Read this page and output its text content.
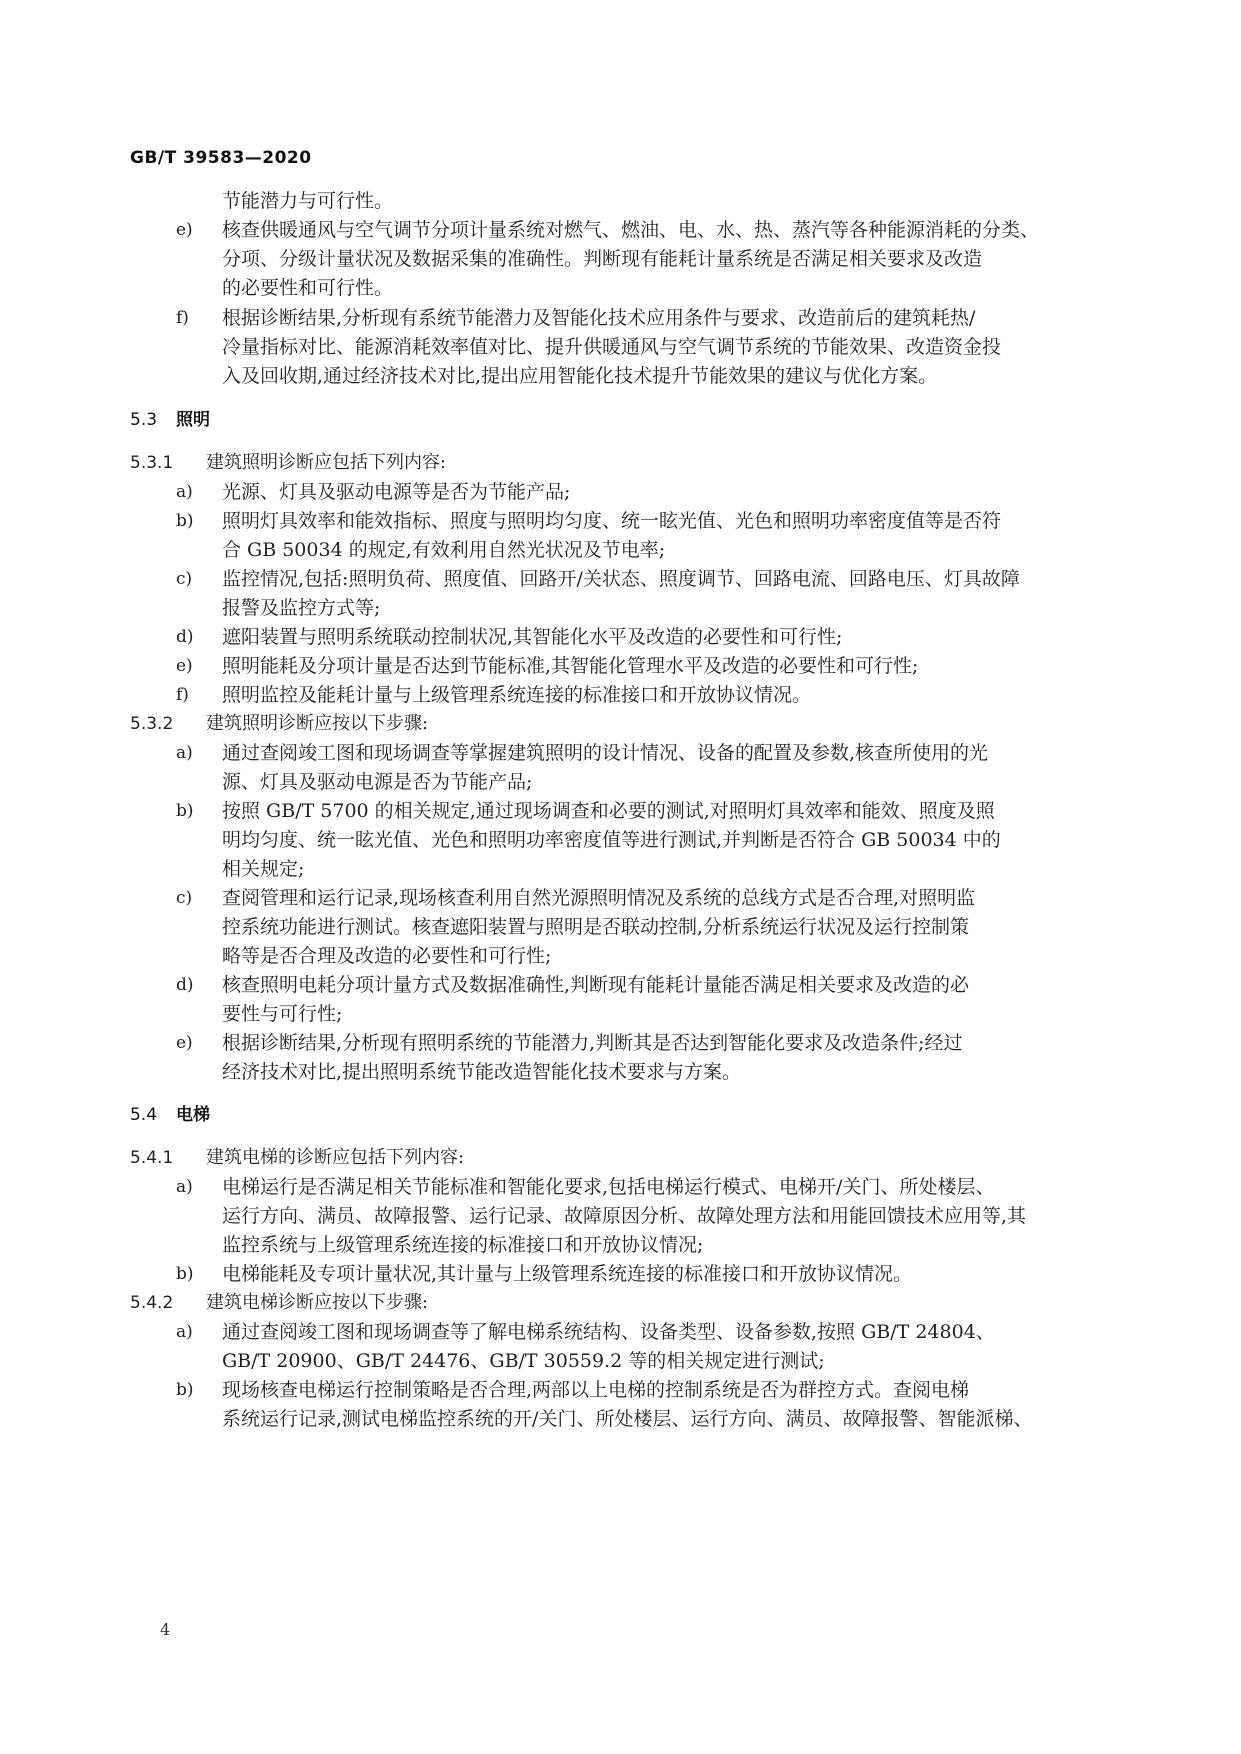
GB/T 39583—2020
节能潜力与可行性。
e) 核查供暖通风与空气调节分项计量系统对燃气、燃油、电、水、热、蒸汽等各种能源消耗的分类、
分项、分级计量状况及数据采集的准确性。判断现有能耗计量系统是否满足相关要求及改造
的必要性和可行性。
f) 根据诊断结果,分析现有系统节能潜力及智能化技术应用条件与要求、改造前后的建筑耗热/
冷量指标对比、能源消耗效率值对比、提升供暖通风与空气调节系统的节能效果、改造资金投
入及回收期,通过经济技术对比,提出应用智能化技术提升节能效果的建议与优化方案。
5.3 照明
5.3.1 建筑照明诊断应包括下列内容:
a) 光源、灯具及驱动电源等是否为节能产品;
b) 照明灯具效率和能效指标、照度与照明均匀度、统一眩光值、光色和照明功率密度值等是否符
合 GB 50034 的规定,有效利用自然光状况及节电率;
c) 监控情况,包括:照明负荷、照度值、回路开/关状态、照度调节、回路电流、回路电压、灯具故障
报警及监控方式等;
d) 遮阳装置与照明系统联动控制状况,其智能化水平及改造的必要性和可行性;
e) 照明能耗及分项计量是否达到节能标准,其智能化管理水平及改造的必要性和可行性;
f) 照明监控及能耗计量与上级管理系统连接的标准接口和开放协议情况。
5.3.2 建筑照明诊断应按以下步骤:
a) 通过查阅竣工图和现场调查等掌握建筑照明的设计情况、设备的配置及参数,核查所使用的光
源、灯具及驱动电源是否为节能产品;
b) 按照 GB/T 5700 的相关规定,通过现场调查和必要的测试,对照明灯具效率和能效、照度及照
明均匀度、统一眩光值、光色和照明功率密度值等进行测试,并判断是否符合 GB 50034 中的
相关规定;
c) 查阅管理和运行记录,现场核查利用自然光源照明情况及系统的总线方式是否合理,对照明监
控系统功能进行测试。核查遮阳装置与照明是否联动控制,分析系统运行状况及运行控制策
略等是否合理及改造的必要性和可行性;
d) 核查照明电耗分项计量方式及数据准确性,判断现有能耗计量能否满足相关要求及改造的必
要性与可行性;
e) 根据诊断结果,分析现有照明系统的节能潜力,判断其是否达到智能化要求及改造条件;经过
经济技术对比,提出照明系统节能改造智能化技术要求与方案。
5.4 电梯
5.4.1 建筑电梯的诊断应包括下列内容:
a) 电梯运行是否满足相关节能标准和智能化要求,包括电梯运行模式、电梯开/关门、所处楼层、
运行方向、满员、故障报警、运行记录、故障原因分析、故障处理方法和用能回馈技术应用等,其
监控系统与上级管理系统连接的标准接口和开放协议情况;
b) 电梯能耗及专项计量状况,其计量与上级管理系统连接的标准接口和开放协议情况。
5.4.2 建筑电梯诊断应按以下步骤:
a) 通过查阅竣工图和现场调查等了解电梯系统结构、设备类型、设备参数,按照 GB/T 24804、
GB/T 20900、GB/T 24476、GB/T 30559.2 等的相关规定进行测试;
b) 现场核查电梯运行控制策略是否合理,两部以上电梯的控制系统是否为群控方式。查阅电梯
系统运行记录,测试电梯监控系统的开/关门、所处楼层、运行方向、满员、故障报警、智能派梯、
4
